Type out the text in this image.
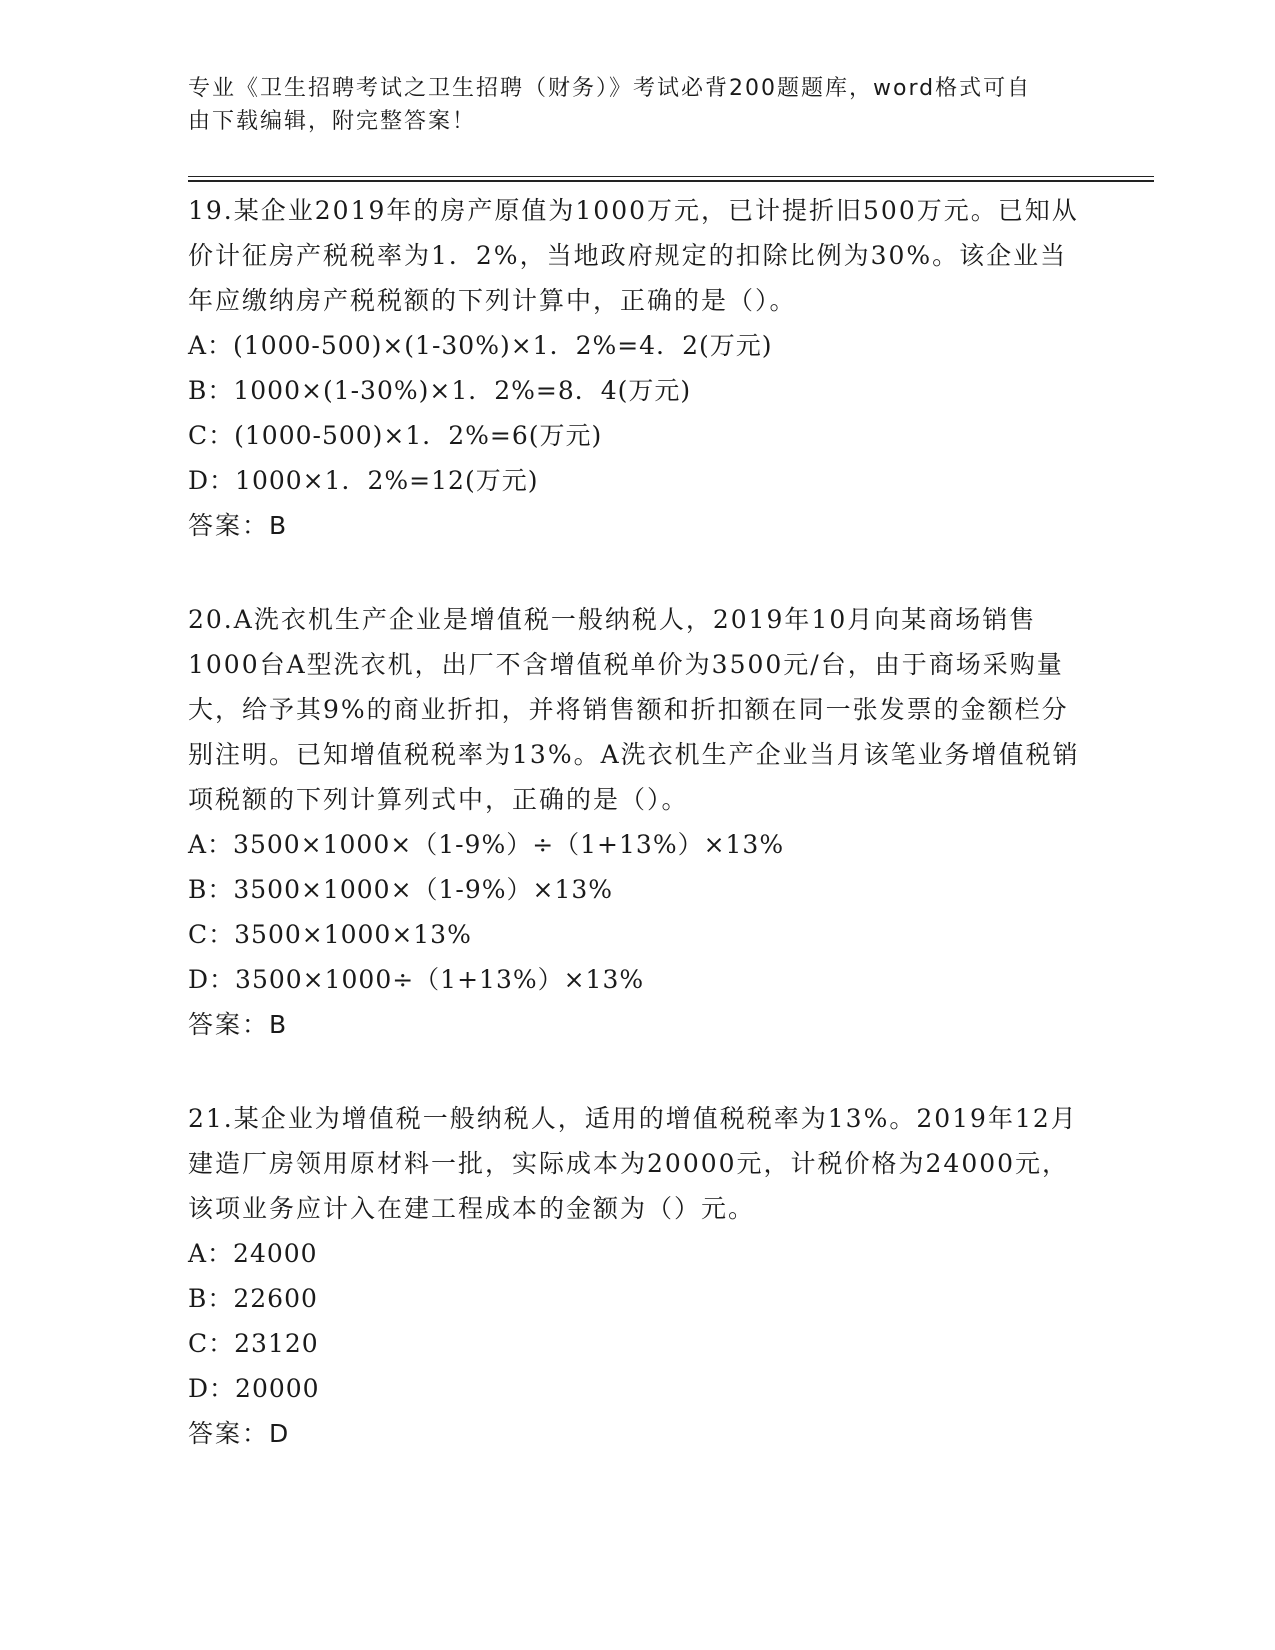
专业《卫生招聘考试之卫生招聘（财务）》考试必背200题题库，word格式可自
由下载编辑，附完整答案！

19.某企业2019年的房产原值为1000万元，已计提折旧500万元。已知从价计征房产税税率为1．2%，当地政府规定的扣除比例为30%。该企业当年应缴纳房产税税额的下列计算中，正确的是（）。

A：(1000-500)×(1-30%)×1．2%=4．2(万元)

B：1000×(1-30%)×1．2%=8．4(万元)

C：(1000-500)×1．2%=6(万元)

D：1000×1．2%=12(万元)

答案：B

20.A洗衣机生产企业是增值税一般纳税人，2019年10月向某商场销售1000台A型洗衣机，出厂不含增值税单价为3500元/台，由于商场采购量大，给予其9%的商业折扣，并将销售额和折扣额在同一张发票的金额栏分别注明。已知增值税税率为13%。A洗衣机生产企业当月该笔业务增值税销项税额的下列计算列式中，正确的是（）。

A：3500×1000×（1-9%）÷（1+13%）×13%

B：3500×1000×（1-9%）×13%

C：3500×1000×13%

D：3500×1000÷（1+13%）×13%

答案：B

21.某企业为增值税一般纳税人，适用的增值税税率为13%。2019年12月建造厂房领用原材料一批，实际成本为20000元，计税价格为24000元，该项业务应计入在建工程成本的金额为（）元。

A：24000

B：22600

C：23120

D：20000

答案：D
